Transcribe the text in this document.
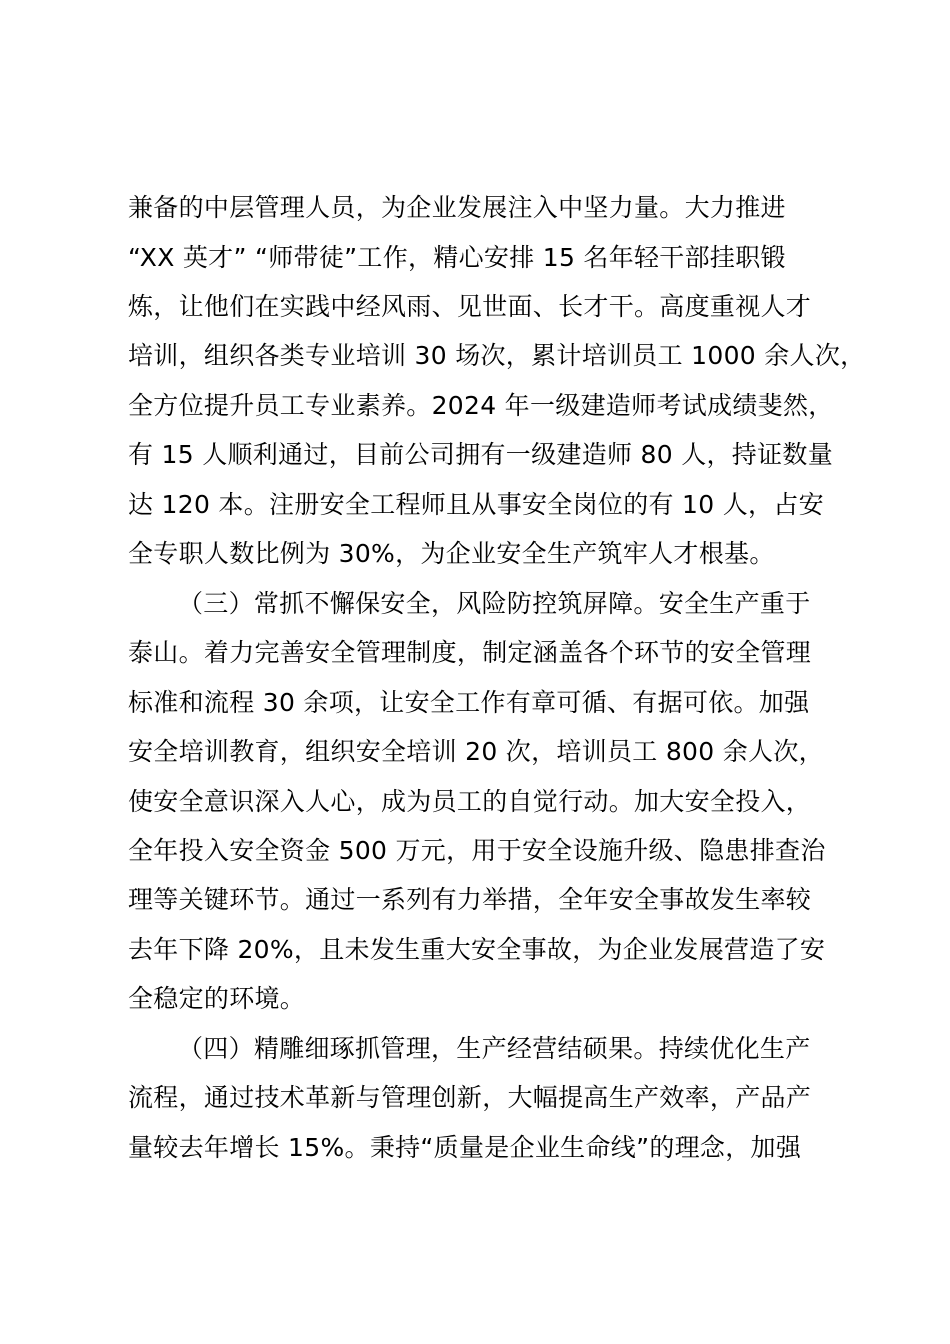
兼备的中层管理人员，为企业发展注入中坚力量。大力推进
“XX 英才” “师带徒”工作，精心安排 15 名年轻干部挂职锻
炼，让他们在实践中经风雨、见世面、长才干。高度重视人才
培训，组织各类专业培训 30 场次，累计培训员工 1000 余人次，
全方位提升员工专业素养。2024 年一级建造师考试成绩斐然，
有 15 人顺利通过，目前公司拥有一级建造师 80 人，持证数量
达 120 本。注册安全工程师且从事安全岗位的有 10 人，占安
全专职人数比例为 30%，为企业安全生产筑牢人才根基。
（三）常抓不懈保安全，风险防控筑屏障。安全生产重于
泰山。着力完善安全管理制度，制定涵盖各个环节的安全管理
标准和流程 30 余项，让安全工作有章可循、有据可依。加强
安全培训教育，组织安全培训 20 次，培训员工 800 余人次，
使安全意识深入人心，成为员工的自觉行动。加大安全投入，
全年投入安全资金 500 万元，用于安全设施升级、隐患排查治
理等关键环节。通过一系列有力举措，全年安全事故发生率较
去年下降 20%，且未发生重大安全事故，为企业发展营造了安
全稳定的环境。
（四）精雕细琢抓管理，生产经营结硕果。持续优化生产
流程，通过技术革新与管理创新，大幅提高生产效率，产品产
量较去年增长 15%。秉持“质量是企业生命线”的理念，加强
